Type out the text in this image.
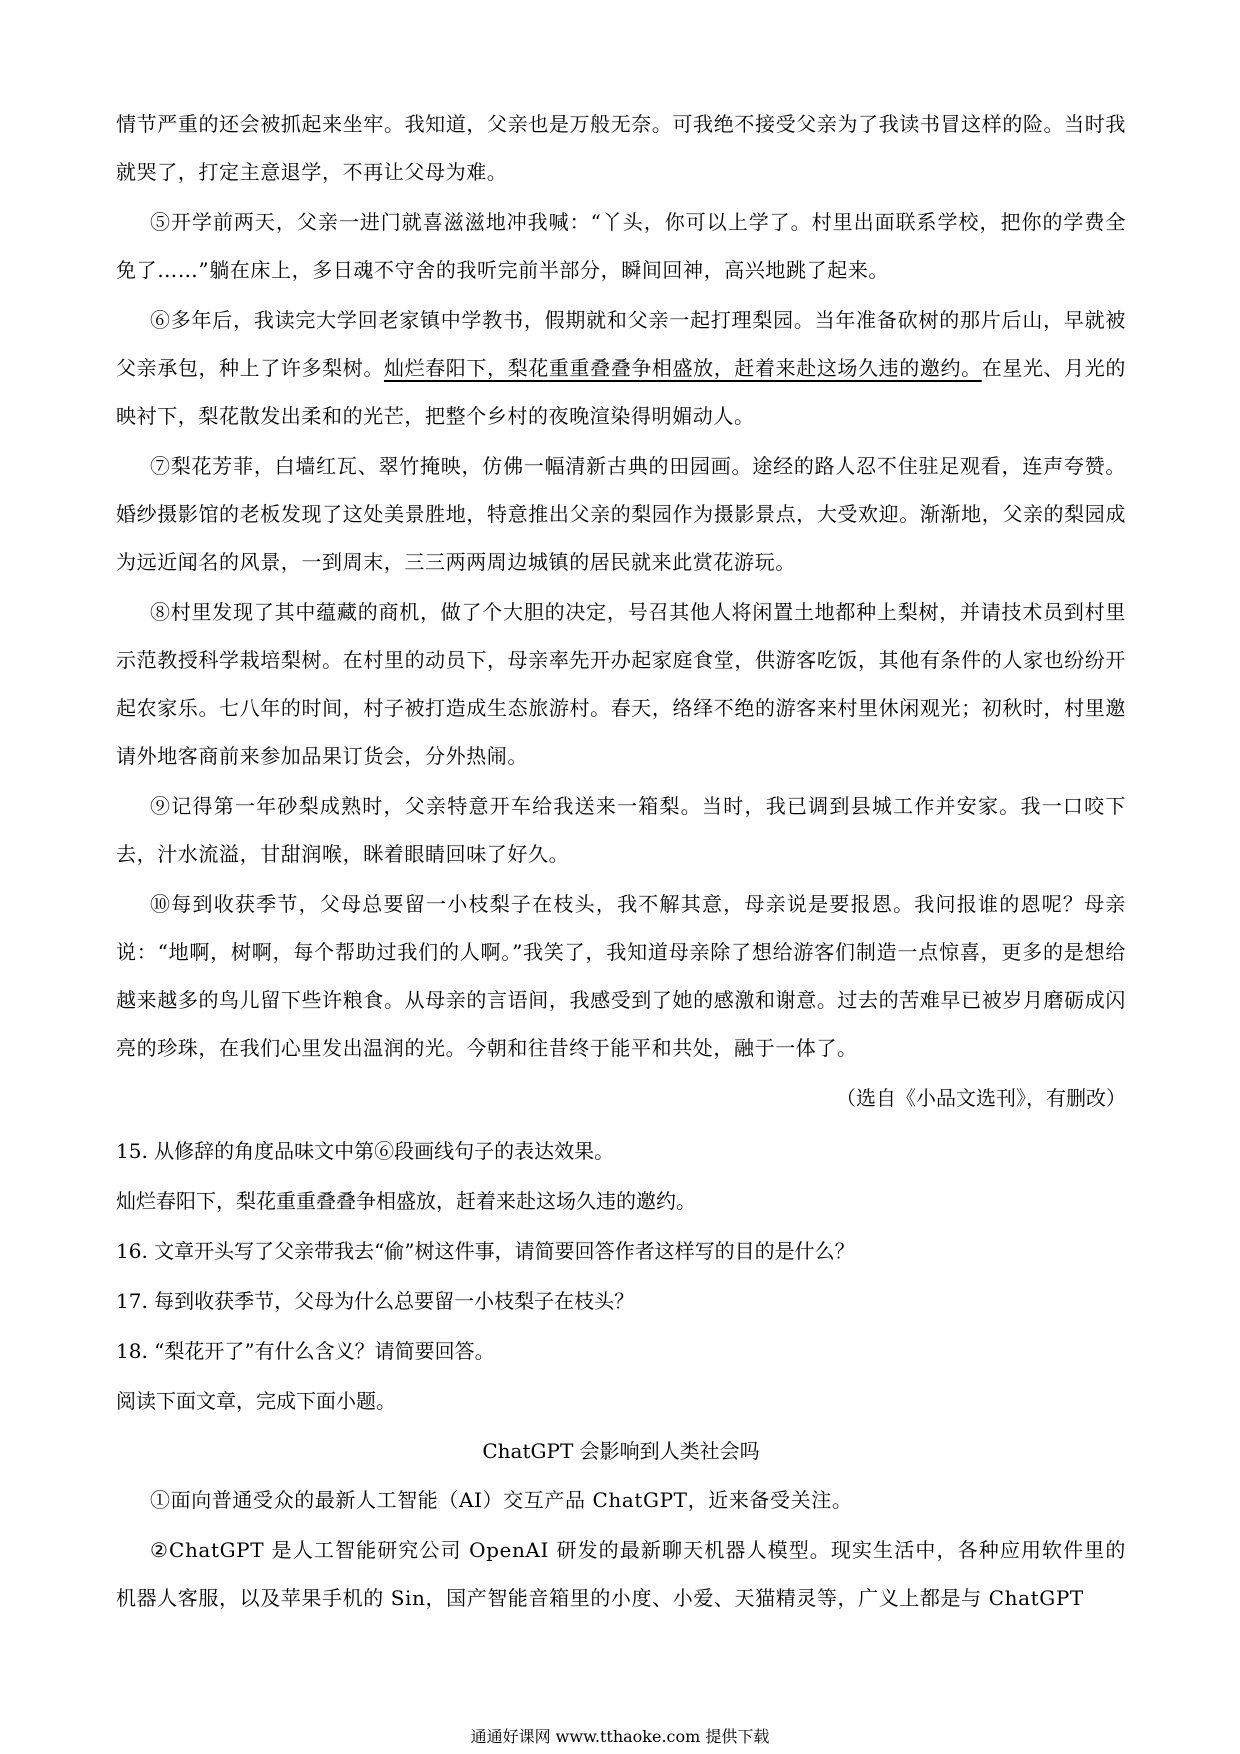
情节严重的还会被抓起来坐牢。我知道，父亲也是万般无奈。可我绝不接受父亲为了我读书冒这样的险。当时我就哭了，打定主意退学，不再让父母为难。

⑤开学前两天，父亲一进门就喜滋滋地冲我喊：“丫头，你可以上学了。村里出面联系学校，把你的学费全免了……”躺在床上，多日魂不守舍的我听完前半部分，瞬间回神，高兴地跳了起来。

⑥多年后，我读完大学回老家镇中学教书，假期就和父亲一起打理梨园。当年准备砍树的那片后山，早就被父亲承包，种上了许多梨树。灿烂春阳下，梨花重重叠叠争相盛放，赶着来赴这场久违的邀约。在星光、月光的映衬下，梨花散发出柔和的光芒，把整个乡村的夜晚渲染得明媚动人。

⑦梨花芳菲，白墙红瓦、翠竹掩映，仿佛一幅清新古典的田园画。途经的路人忍不住驻足观看，连声夸赞。婚纱摄影馆的老板发现了这处美景胜地，特意推出父亲的梨园作为摄影景点，大受欢迎。渐渐地，父亲的梨园成为远近闻名的风景，一到周末，三三两两周边城镇的居民就来此赏花游玩。

⑧村里发现了其中蕴藏的商机，做了个大胆的决定，号召其他人将闲置土地都种上梨树，并请技术员到村里示范教授科学栽培梨树。在村里的动员下，母亲率先开办起家庭食堂，供游客吃饭，其他有条件的人家也纷纷开起农家乐。七八年的时间，村子被打造成生态旅游村。春天，络绎不绝的游客来村里休闲观光；初秋时，村里邀请外地客商前来参加品果订货会，分外热闹。

⑨记得第一年砂梨成熟时，父亲特意开车给我送来一箱梨。当时，我已调到县城工作并安家。我一口咬下去，汁水流溢，甘甜润喉，眯着眼睛回味了好久。

⑩每到收获季节，父母总要留一小枝梨子在枝头，我不解其意，母亲说是要报恩。我问报谁的恩呢？母亲说：“地啊，树啊，每个帮助过我们的人啊。”我笑了，我知道母亲除了想给游客们制造一点惊喜，更多的是想给越来越多的鸟儿留下些许粮食。从母亲的言语间，我感受到了她的感激和谢意。过去的苦难早已被岁月磨砺成闪亮的珍珠，在我们心里发出温润的光。今朝和往昔终于能平和共处，融于一体了。

（选自《小品文选刊》，有删改）

15. 从修辞的角度品味文中第⑥段画线句子的表达效果。

灿烂春阳下，梨花重重叠叠争相盛放，赶着来赴这场久违的邀约。

16. 文章开头写了父亲带我去“偷”树这件事，请简要回答作者这样写的目的是什么？

17. 每到收获季节，父母为什么总要留一小枝梨子在枝头？

18. “梨花开了”有什么含义？请简要回答。

阅读下面文章，完成下面小题。

ChatGPT 会影响到人类社会吗

①面向普通受众的最新人工智能（AI）交互产品 ChatGPT，近来备受关注。

②ChatGPT 是人工智能研究公司 OpenAI 研发的最新聊天机器人模型。现实生活中，各种应用软件里的机器人客服，以及苹果手机的 Sin，国产智能音箱里的小度、小爱、天猫精灵等，广义上都是与 ChatGPT

通通好课网 www.tthaoke.com 提供下载
